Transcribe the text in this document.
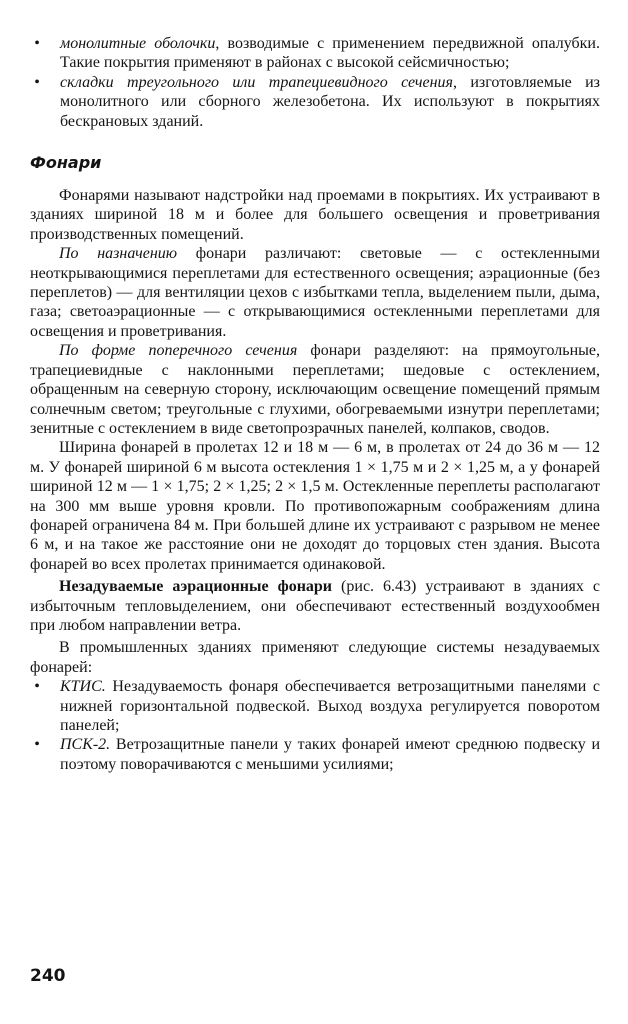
• монолитные оболочки, возводимые с применением передвижной опалубки. Такие покрытия применяют в районах с высокой сейсмичностью;
• складки треугольного или трапециевидного сечения, изготовляемые из монолитного или сборного железобетона. Их используют в покрытиях бескрановых зданий.
Фонари

Фонарями называют надстройки над проемами в покрытиях. Их устраивают в зданиях шириной 18 м и более для большего освещения и проветривания производственных помещений.

По назначению фонари различают: световые — с остекленными неоткрывающимися переплетами для естественного освещения; аэрационные (без переплетов) — для вентиляции цехов с избытками тепла, выделением пыли, дыма, газа; светоаэрационные — с открывающимися остекленными переплетами для освещения и проветривания.

По форме поперечного сечения фонари разделяют: на прямоугольные, трапециевидные с наклонными переплетами; шедовые с остеклением, обращенным на северную сторону, исключающим освещение помещений прямым солнечным светом; треугольные с глухими, обогреваемыми изнутри переплетами; зенитные с остеклением в виде светопрозрачных панелей, колпаков, сводов.

Ширина фонарей в пролетах 12 и 18 м — 6 м, в пролетах от 24 до 36 м — 12 м. У фонарей шириной 6 м высота остекления 1 × 1,75 м и 2 × 1,25 м, а у фонарей шириной 12 м — 1 × 1,75; 2 × 1,25; 2 × 1,5 м. Остекленные переплеты располагают на 300 мм выше уровня кровли. По противопожарным соображениям длина фонарей ограничена 84 м. При большей длине их устраивают с разрывом не менее 6 м, и на такое же расстояние они не доходят до торцовых стен здания. Высота фонарей во всех пролетах принимается одинаковой.

Незадуваемые аэрационные фонари (рис. 6.43) устраивают в зданиях с избыточным тепловыделением, они обеспечивают естественный воздухообмен при любом направлении ветра.

В промышленных зданиях применяют следующие системы незадуваемых фонарей:

• КТИС. Незадуваемость фонаря обеспечивается ветрозащитными панелями с нижней горизонтальной подвеской. Выход воздуха регулируется поворотом панелей;
• ПСК-2. Ветрозащитные панели у таких фонарей имеют среднюю подвеску и поэтому поворачиваются с меньшими усилиями;
240
